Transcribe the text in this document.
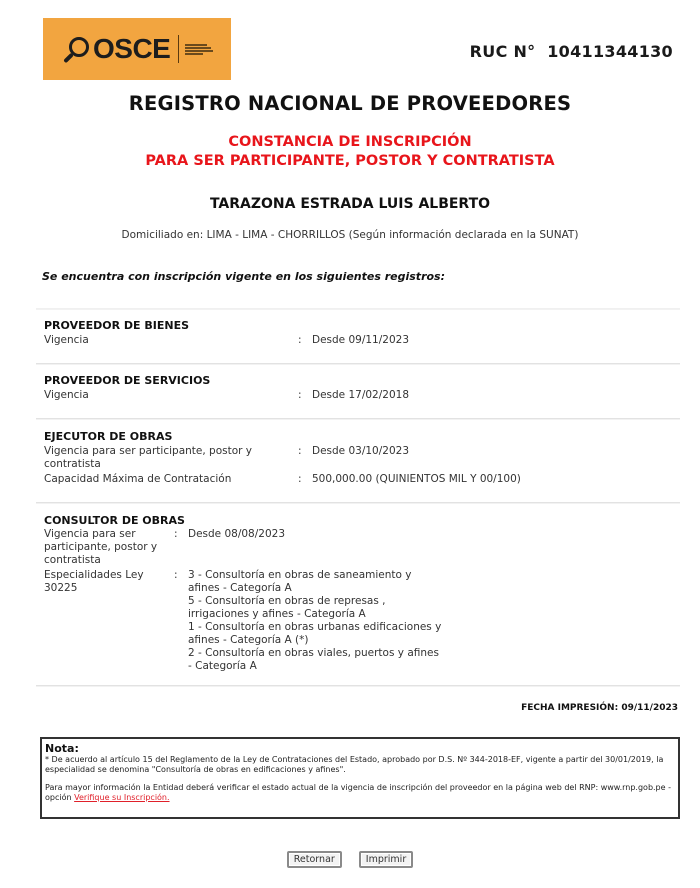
OSCE	RUC N° 10411344130
REGISTRO NACIONAL DE PROVEEDORES
CONSTANCIA DE INSCRIPCIÓN
PARA SER PARTICIPANTE, POSTOR Y CONTRATISTA
TARAZONA ESTRADA LUIS ALBERTO
Domiciliado en: LIMA - LIMA - CHORRILLOS (Según información declarada en la SUNAT)
Se encuentra con inscripción vigente en los siguientes registros:
PROVEEDOR DE BIENES
Vigencia	: Desde 09/11/2023
PROVEEDOR DE SERVICIOS
Vigencia	: Desde 17/02/2018
EJECUTOR DE OBRAS
Vigencia para ser participante, postor y contratista
: Desde 03/10/2023
Capacidad Máxima de Contratación	: 500,000.00 (QUINIENTOS MIL Y 00/100)
CONSULTOR DE OBRAS
Vigencia para ser participante, postor y contratista
: Desde 08/08/2023
Especialidades Ley 30225
: 3 - Consultoría en obras de saneamiento y afines - Categoría A
5 - Consultoría en obras de represas , irrigaciones y afines - Categoría A
1 - Consultoría en obras urbanas edificaciones y afines - Categoría A (*)
2 - Consultoría en obras viales, puertos y afines - Categoría A
FECHA IMPRESIÓN: 09/11/2023
Nota:

* De acuerdo al artículo 15 del Reglamento de la Ley de Contrataciones del Estado, aprobado por D.S. Nº 344-2018-EF, vigente a partir del 30/01/2019, la especialidad se denomina "Consultoría de obras en edificaciones y afines".

Para mayor información la Entidad deberá verificar el estado actual de la vigencia de inscripción del proveedor en la página web del RNP: www.rnp.gob.pe - opción Verifique su Inscripción.

Retornar	Imprimir
